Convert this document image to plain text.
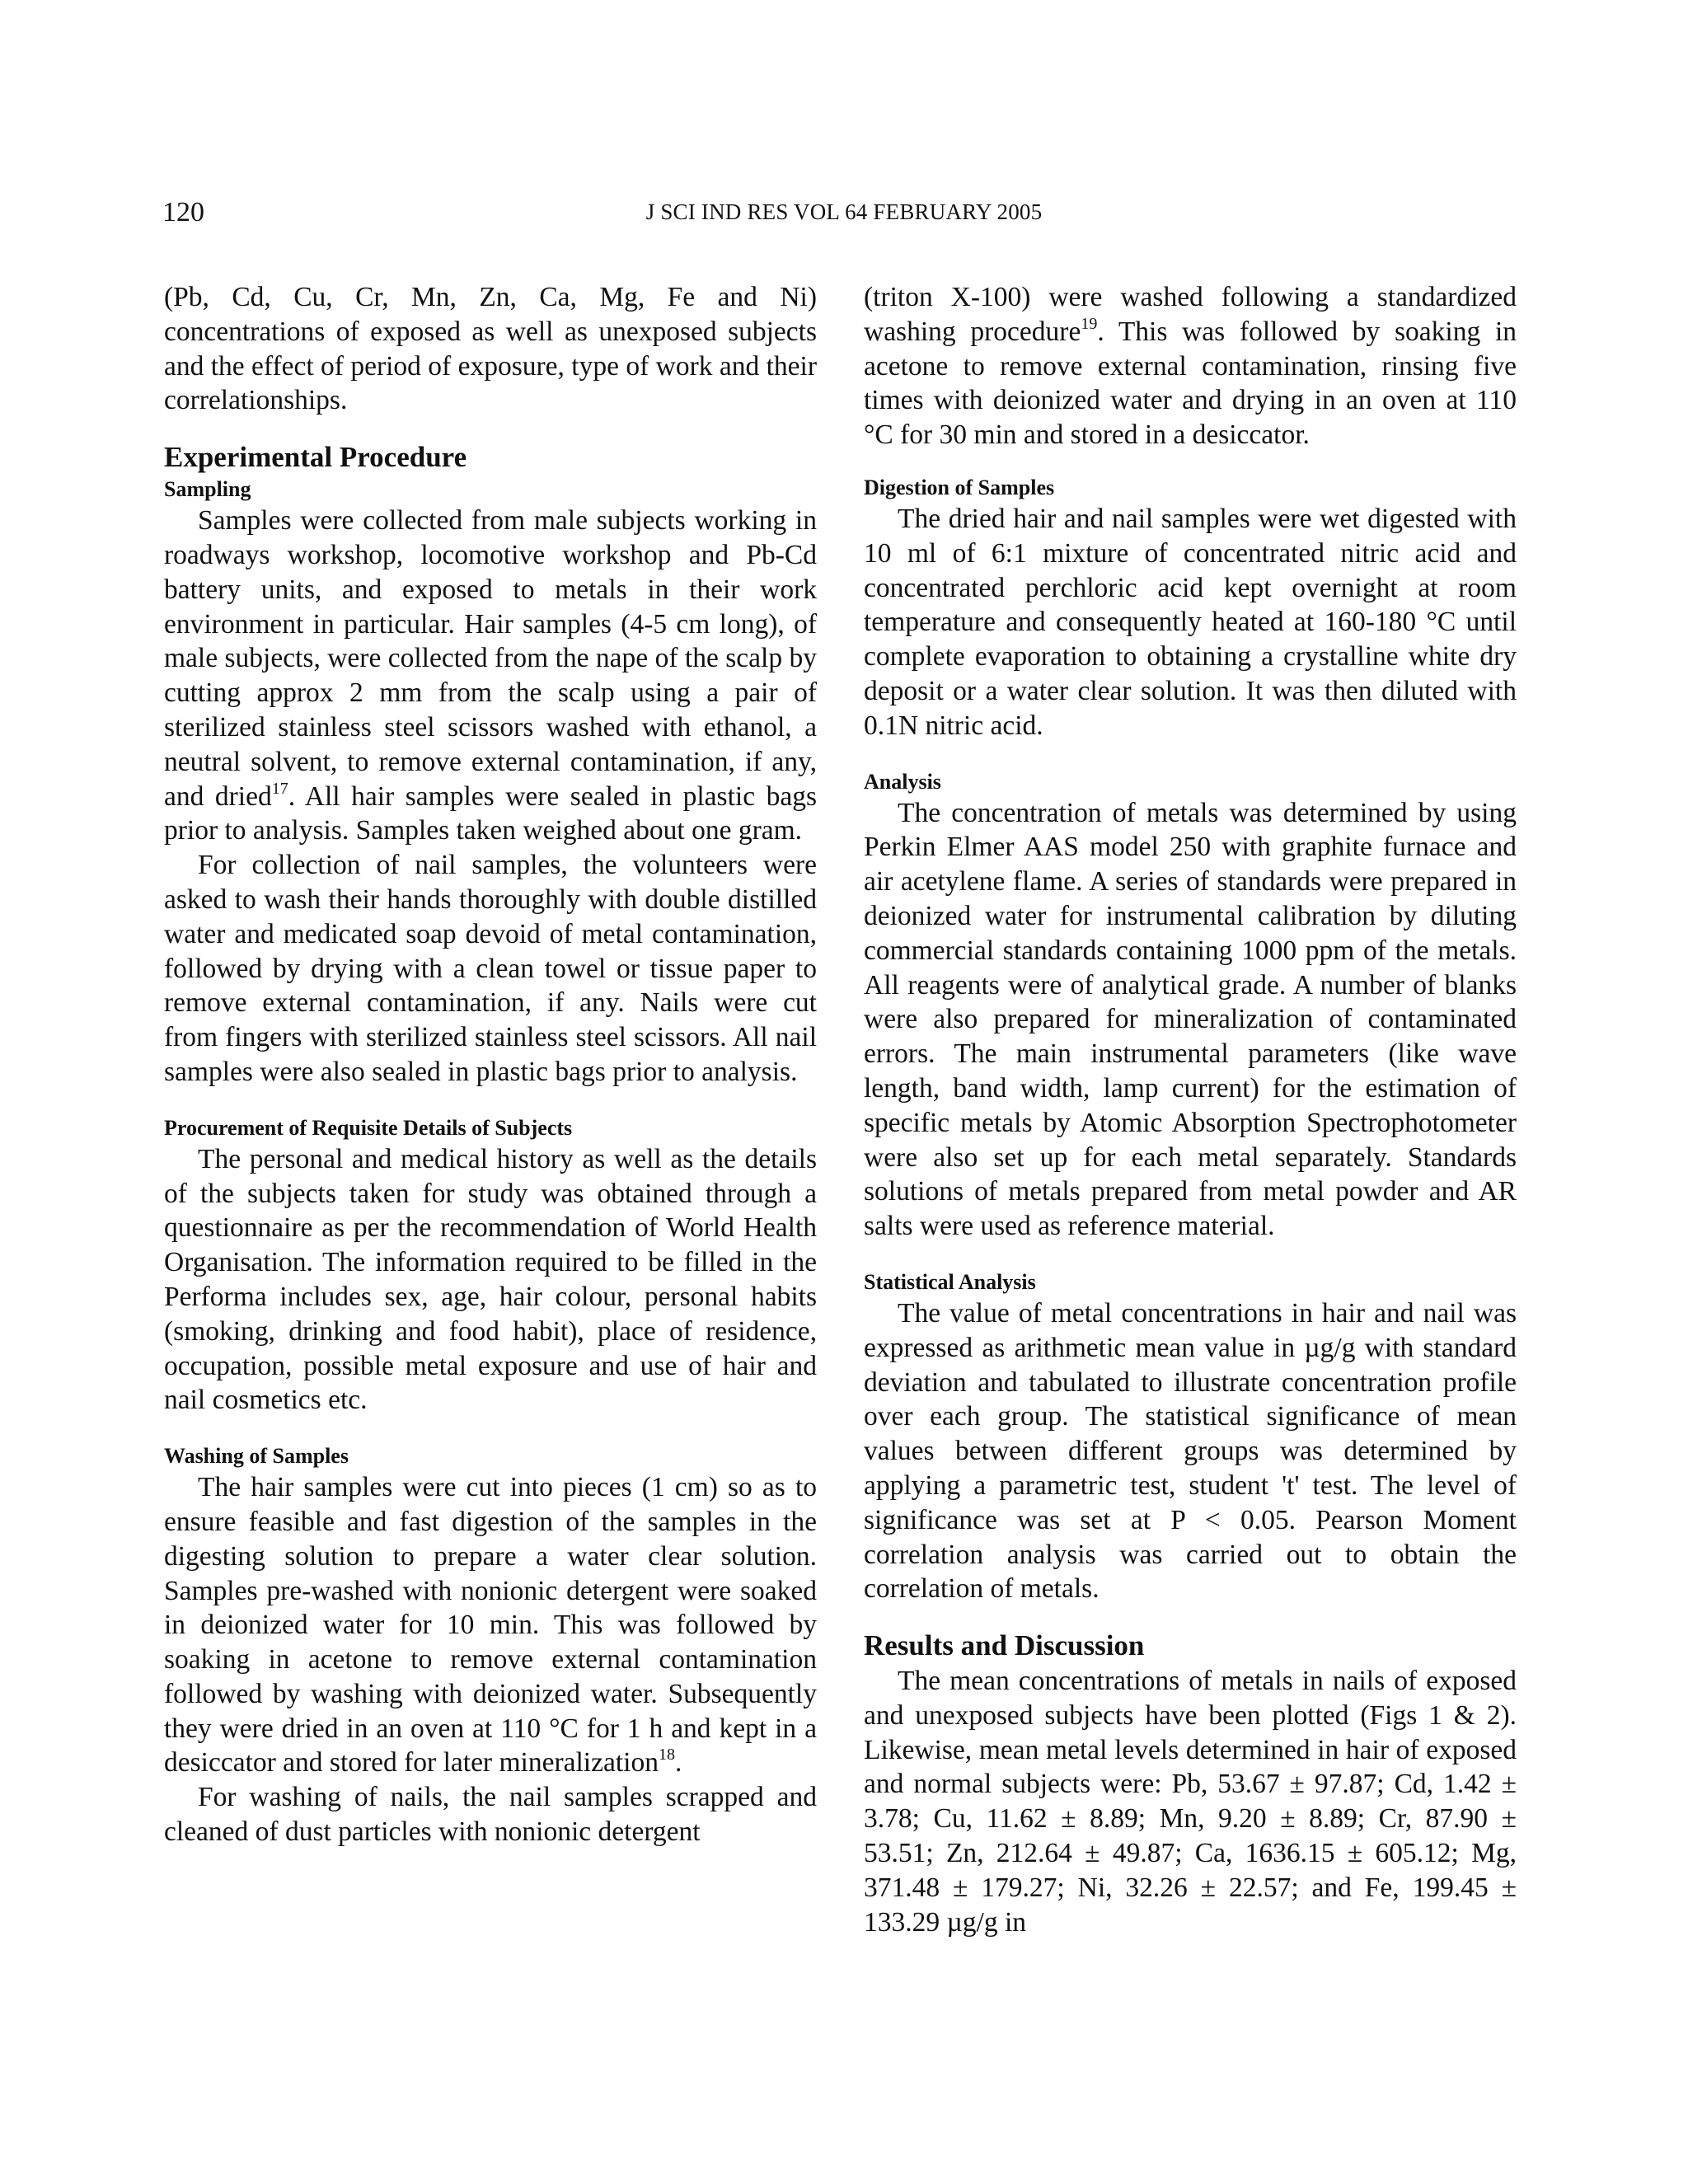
120	J SCI IND RES VOL 64 FEBRUARY 2005

(Pb, Cd, Cu, Cr, Mn, Zn, Ca, Mg, Fe and Ni) concentrations of exposed as well as unexposed subjects and the effect of period of exposure, type of work and their correlationships.

Experimental Procedure
Sampling

Samples were collected from male subjects working in roadways workshop, locomotive workshop and Pb-Cd battery units, and exposed to metals in their work environment in particular. Hair samples (4-5 cm long), of male subjects, were collected from the nape of the scalp by cutting approx 2 mm from the scalp using a pair of sterilized stainless steel scissors washed with ethanol, a neutral solvent, to remove external contamination, if any, and dried$^{17}$. All hair samples were sealed in plastic bags prior to analysis. Samples taken weighed about one gram.

For collection of nail samples, the volunteers were asked to wash their hands thoroughly with double distilled water and medicated soap devoid of metal contamination, followed by drying with a clean towel or tissue paper to remove external contamination, if any. Nails were cut from fingers with sterilized stainless steel scissors. All nail samples were also sealed in plastic bags prior to analysis.

Procurement of Requisite Details of Subjects

The personal and medical history as well as the details of the subjects taken for study was obtained through a questionnaire as per the recommendation of World Health Organisation. The information required to be filled in the Performa includes sex, age, hair colour, personal habits (smoking, drinking and food habit), place of residence, occupation, possible metal exposure and use of hair and nail cosmetics etc.

Washing of Samples

The hair samples were cut into pieces (1 cm) so as to ensure feasible and fast digestion of the samples in the digesting solution to prepare a water clear solution. Samples pre-washed with nonionic detergent were soaked in deionized water for 10 min. This was followed by soaking in acetone to remove external contamination followed by washing with deionized water. Subsequently they were dried in an oven at 110 °C for 1 h and kept in a desiccator and stored for later mineralization$^{18}$.

For washing of nails, the nail samples scrapped and cleaned of dust particles with nonionic detergent

(triton X-100) were washed following a standardized washing procedure$^{19}$. This was followed by soaking in acetone to remove external contamination, rinsing five times with deionized water and drying in an oven at 110 °C for 30 min and stored in a desiccator.

Digestion of Samples

The dried hair and nail samples were wet digested with 10 ml of 6:1 mixture of concentrated nitric acid and concentrated perchloric acid kept overnight at room temperature and consequently heated at 160-180 °C until complete evaporation to obtaining a crystalline white dry deposit or a water clear solution. It was then diluted with 0.1N nitric acid.

Analysis

The concentration of metals was determined by using Perkin Elmer AAS model 250 with graphite furnace and air acetylene flame. A series of standards were prepared in deionized water for instrumental calibration by diluting commercial standards containing 1000 ppm of the metals. All reagents were of analytical grade. A number of blanks were also prepared for mineralization of contaminated errors. The main instrumental parameters (like wave length, band width, lamp current) for the estimation of specific metals by Atomic Absorption Spectrophotometer were also set up for each metal separately. Standards solutions of metals prepared from metal powder and AR salts were used as reference material.

Statistical Analysis

The value of metal concentrations in hair and nail was expressed as arithmetic mean value in µg/g with standard deviation and tabulated to illustrate concentration profile over each group. The statistical significance of mean values between different groups was determined by applying a parametric test, student 't' test. The level of significance was set at P < 0.05. Pearson Moment correlation analysis was carried out to obtain the correlation of metals.

Results and Discussion

The mean concentrations of metals in nails of exposed and unexposed subjects have been plotted (Figs 1 & 2). Likewise, mean metal levels determined in hair of exposed and normal subjects were: Pb, 53.67 ± 97.87; Cd, 1.42 ± 3.78; Cu, 11.62 ± 8.89; Mn, 9.20 ± 8.89; Cr, 87.90 ± 53.51; Zn, 212.64 ± 49.87; Ca, 1636.15 ± 605.12; Mg, 371.48 ± 179.27; Ni, 32.26 ± 22.57; and Fe, 199.45 ± 133.29 µg/g in
